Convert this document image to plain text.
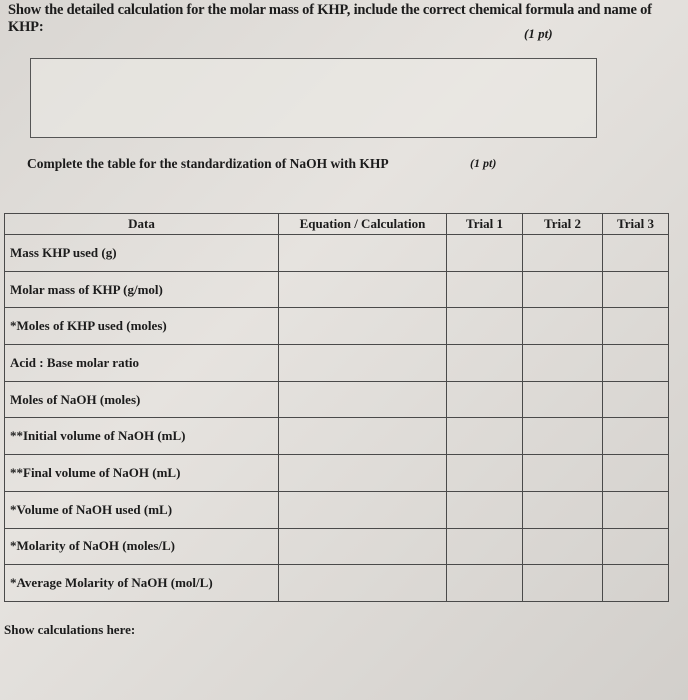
Show the detailed calculation for the molar mass of KHP, include the correct chemical formula and name of KHP:	(1 pt)
Complete the table for the standardization of NaOH with KHP	(1 pt)
Data	Equation / Calculation	Trial 1	Trial 2	Trial 3
Mass KHP used (g)				
Molar mass of KHP (g/mol)				
*Moles of KHP used (moles)				
Acid : Base molar ratio				
Moles of NaOH (moles)				
**Initial volume of NaOH (mL)				
**Final volume of NaOH (mL)				
*Volume of NaOH used (mL)				
*Molarity of NaOH (moles/L)				
*Average Molarity of NaOH (mol/L)				
Show calculations here:
